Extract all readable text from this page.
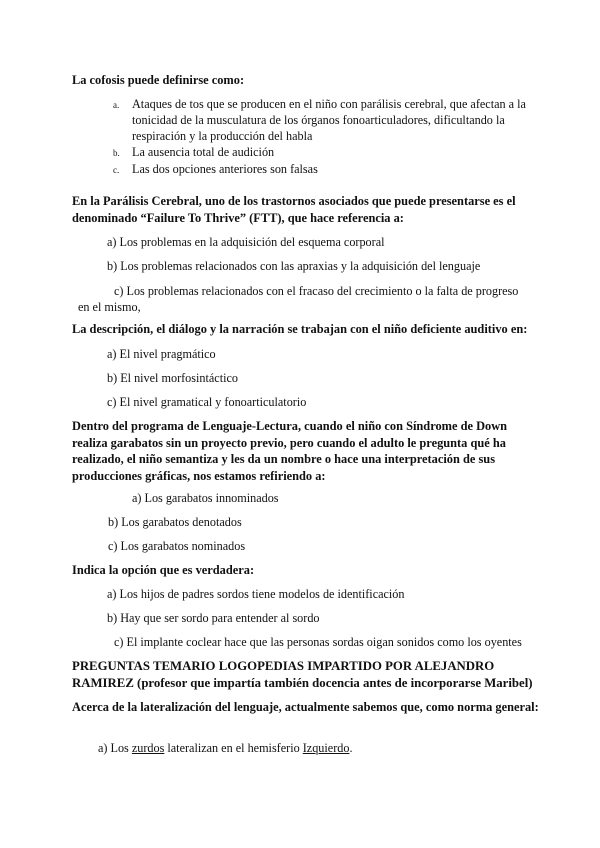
La cofosis puede definirse como:
a.	Ataques de tos que se producen en el niño con parálisis cerebral, que afectan a la tonicidad de la musculatura de los órganos fonoarticuladores, dificultando la respiración y la producción del habla
b.	La ausencia total de audición
c.	Las dos opciones anteriores son falsas
En la Parálisis Cerebral, uno de los trastornos asociados que puede presentarse es el denominado “Failure To Thrive” (FTT), que hace referencia a:
a) Los problemas en la adquisición del esquema corporal
b) Los problemas relacionados con las apraxias y la adquisición del lenguaje
c) Los problemas relacionados con el fracaso del crecimiento o la falta de progreso en el mismo,
La descripción, el diálogo y la narración se trabajan con el niño deficiente auditivo en:
a) El nivel pragmático
b) El nivel morfosintáctico
c) El nivel gramatical y fonoarticulatorio
Dentro del programa de Lenguaje-Lectura, cuando el niño con Síndrome de Down realiza garabatos sin un proyecto previo, pero cuando el adulto le pregunta qué ha realizado, el niño semantiza y les da un nombre o hace una interpretación de sus producciones gráficas, nos estamos refiriendo a:
a) Los garabatos innominados
b) Los garabatos denotados
c) Los garabatos nominados
Indica la opción que es verdadera:
a) Los hijos de padres sordos tiene modelos de identificación
b) Hay que ser sordo para entender al sordo
c) El implante coclear hace que las personas sordas oigan sonidos como los oyentes
PREGUNTAS TEMARIO LOGOPEDIAS IMPARTIDO POR ALEJANDRO RAMIREZ (profesor que impartía también docencia antes de incorporarse Maribel)
Acerca de la lateralización del lenguaje, actualmente sabemos que, como norma general:
a) Los zurdos lateralizan en el hemisferio Izquierdo.
